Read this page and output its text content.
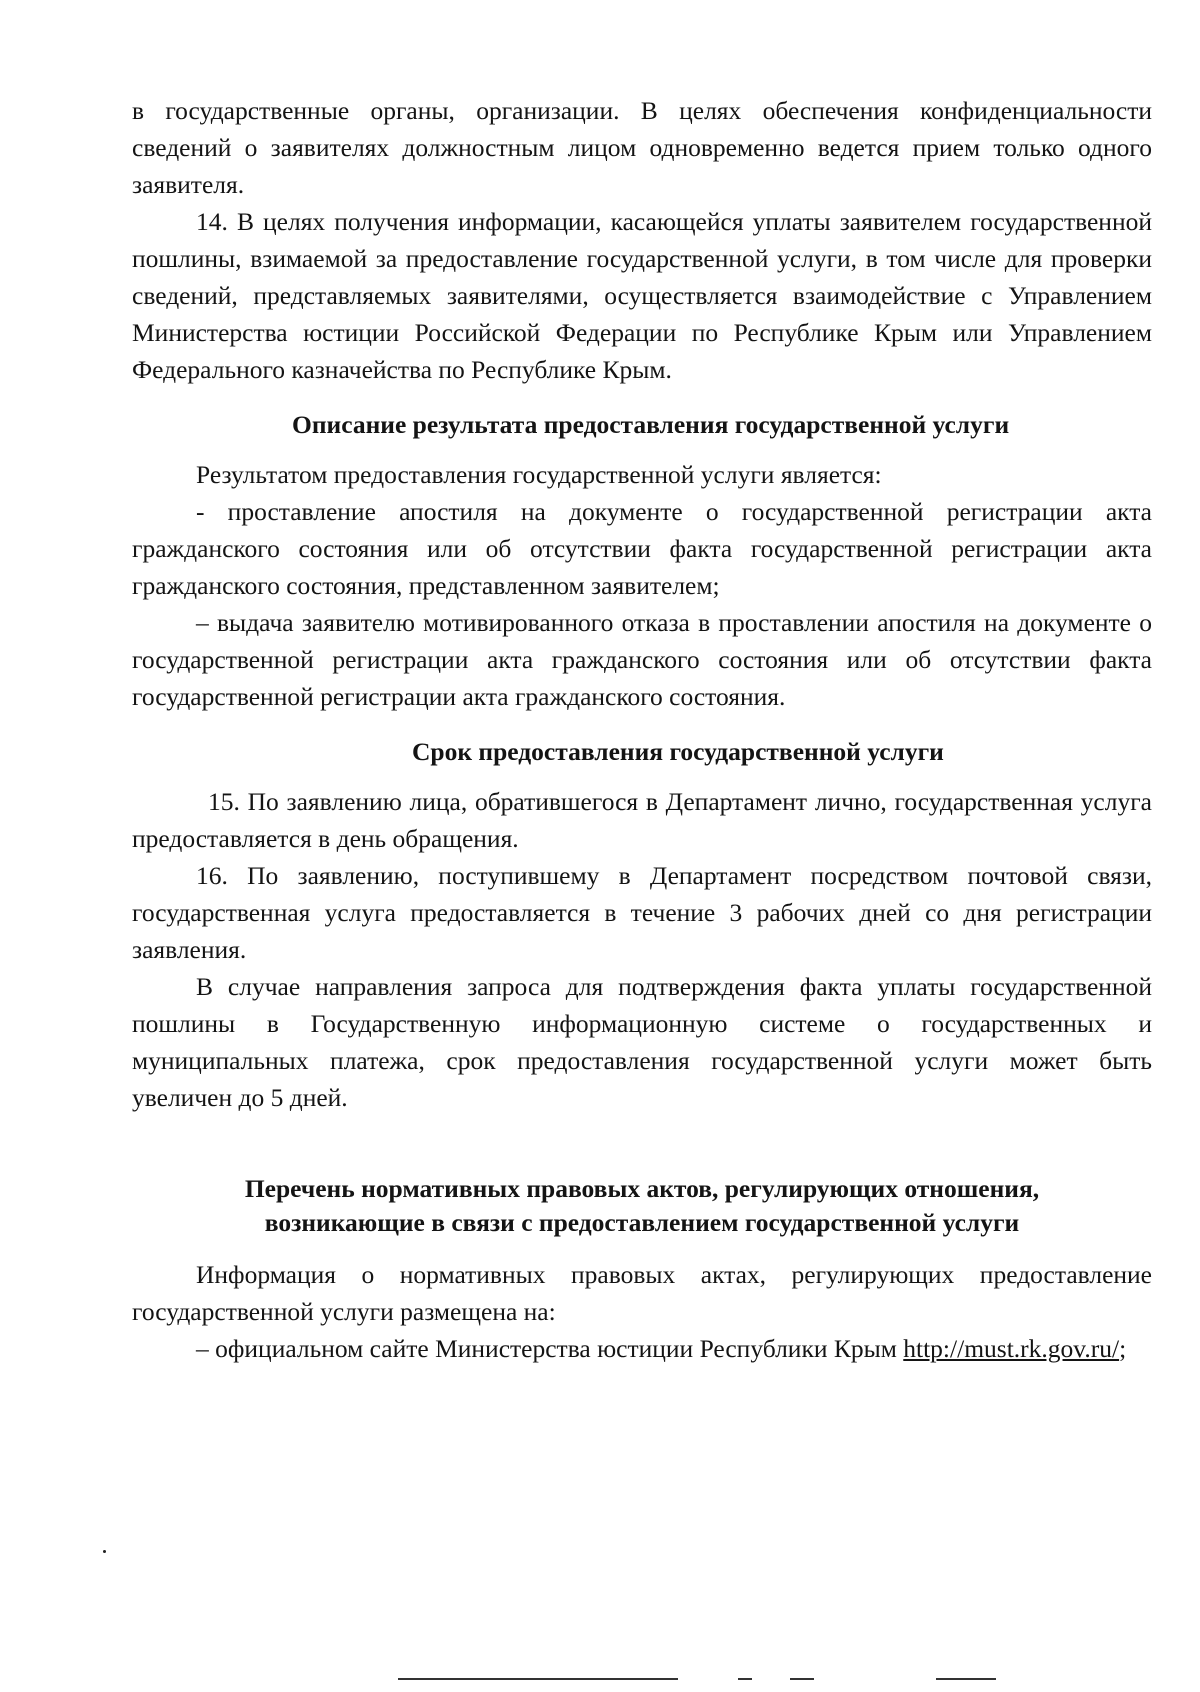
в государственные органы, организации. В целях обеспечения конфиденциальности сведений о заявителях должностным лицом одновременно ведется прием только одного заявителя.

14. В целях получения информации, касающейся уплаты заявителем государственной пошлины, взимаемой за предоставление государственной услуги, в том числе для проверки сведений, представляемых заявителями, осуществляется взаимодействие с Управлением Министерства юстиции Российской Федерации по Республике Крым или Управлением Федерального казначейства по Республике Крым.

Описание результата предоставления государственной услуги

Результатом предоставления государственной услуги является:

- проставление апостиля на документе о государственной регистрации акта гражданского состояния или об отсутствии факта государственной регистрации акта гражданского состояния, представленном заявителем;

– выдача заявителю мотивированного отказа в проставлении апостиля на документе о государственной регистрации акта гражданского состояния или об отсутствии факта государственной регистрации акта гражданского состояния.

Срок предоставления государственной услуги

15. По заявлению лица, обратившегося в Департамент лично, государственная услуга предоставляется в день обращения.

16. По заявлению, поступившему в Департамент посредством почтовой связи, государственная услуга предоставляется в течение 3 рабочих дней со дня регистрации заявления.

В случае направления запроса для подтверждения факта уплаты государственной пошлины в Государственную информационную системе о государственных и муниципальных платежа, срок предоставления государственной услуги может быть увеличен до 5 дней.

Перечень нормативных правовых актов, регулирующих отношения,
возникающие в связи с предоставлением государственной услуги

Информация о нормативных правовых актах, регулирующих предоставление государственной услуги размещена на:

– официальном сайте Министерства юстиции Республики Крым http://must.rk.gov.ru/;
